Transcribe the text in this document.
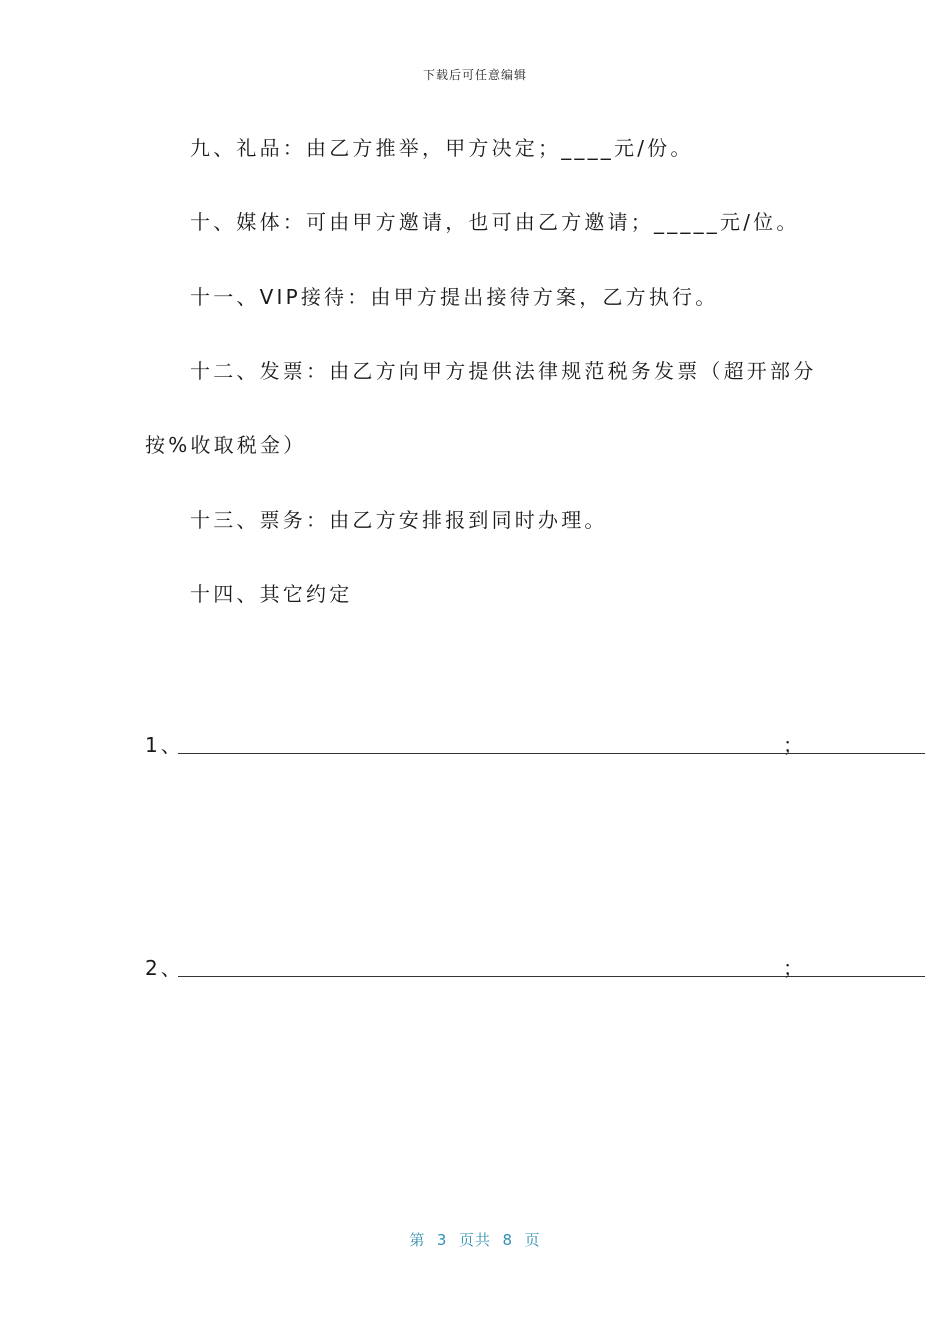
下载后可任意编辑
九、礼品：由乙方推举，甲方决定；____元/份。
十、媒体：可由甲方邀请，也可由乙方邀请；_____元/位。
十一、VIP接待：由甲方提出接待方案，乙方执行。
十二、发票：由乙方向甲方提供法律规范税务发票（超开部分
按%收取税金）
十三、票务：由乙方安排报到同时办理。
十四、其它约定
1、	；
2、	；
第  3  页共  8  页
